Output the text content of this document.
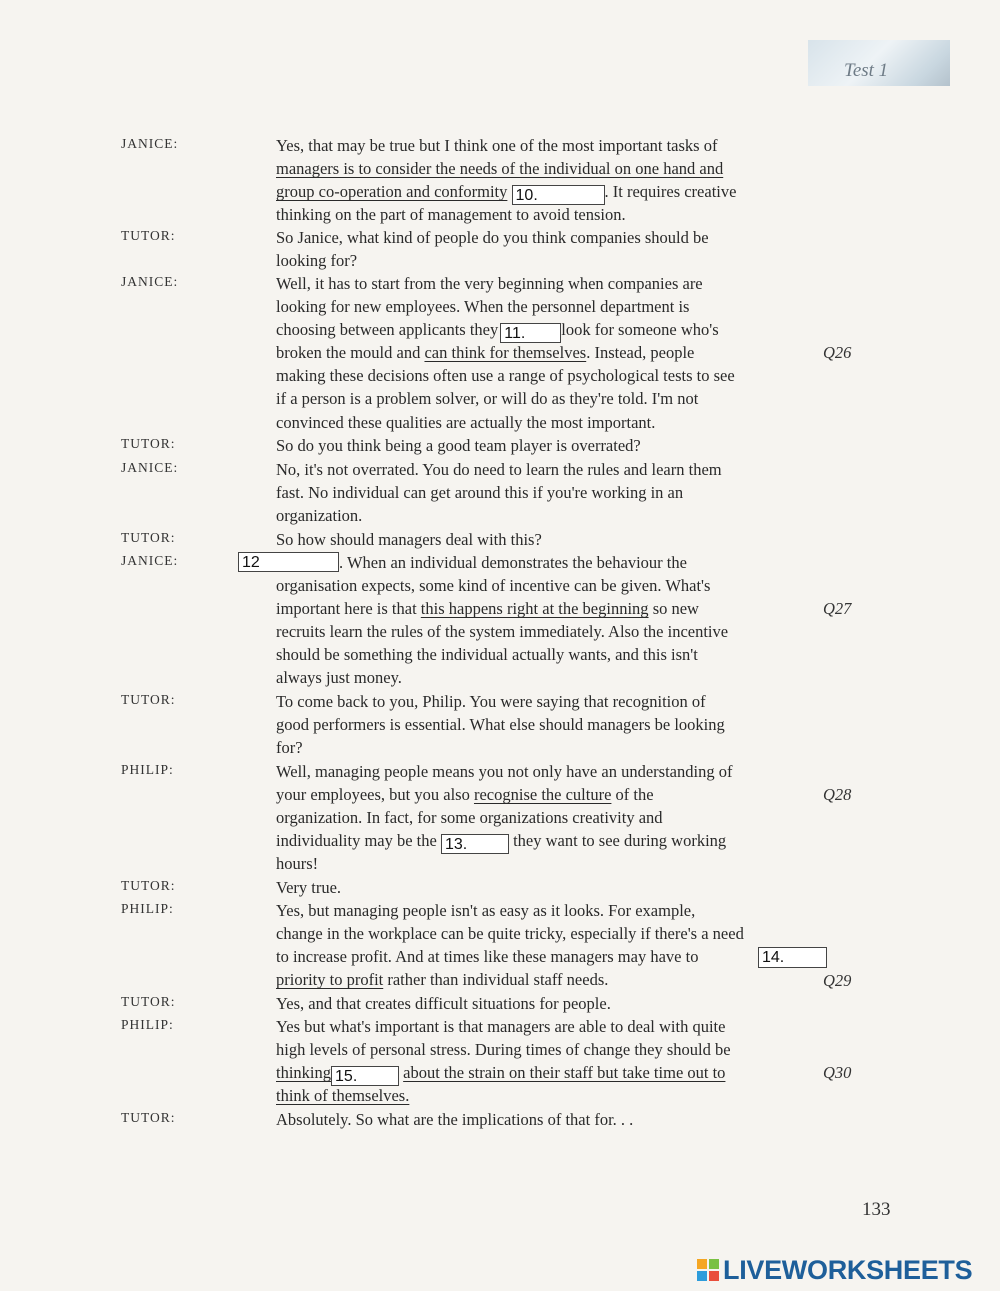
Test 1
JANICE:	Yes, that may be true but I think one of the most important tasks of
managers is to consider the needs of the individual on one hand and
group co-operation and conformity 10.	. It requires creative
thinking on the part of management to avoid tension.
TUTOR:	So Janice, what kind of people do you think companies should be
looking for?
JANICE:	Well, it has to start from the very beginning when companies are
looking for new employees. When the personnel department is
choosing between applicants they 11. look for someone who's
broken the mould and can think for themselves. Instead, people
making these decisions often use a range of psychological tests to see
if a person is a problem solver, or will do as they're told. I'm not
convinced these qualities are actually the most important.
Q26
TUTOR:	So do you think being a good team player is overrated?
JANICE:	No, it's not overrated. You do need to learn the rules and learn them
fast. No individual can get around this if you're working in an
organization.
TUTOR:	So how should managers deal with this?
JANICE:	12	. When an individual demonstrates the behaviour the
organisation expects, some kind of incentive can be given. What's
important here is that this happens right at the beginning so new
recruits learn the rules of the system immediately. Also the incentive
should be something the individual actually wants, and this isn't
always just money.
Q27
TUTOR:	To come back to you, Philip. You were saying that recognition of
good performers is essential. What else should managers be looking
for?
PHILIP:	Well, managing people means you not only have an understanding of
your employees, but you also recognise the culture of the
organization. In fact, for some organizations creativity and
individuality may be the 13.	they want to see during working
hours!
Q28
TUTOR:	Very true.
PHILIP:	Yes, but managing people isn't as easy as it looks. For example,
change in the workplace can be quite tricky, especially if there's a need
to increase profit. And at times like these managers may have to
priority to profit rather than individual staff needs.
14.
Q29
TUTOR:	Yes, and that creates difficult situations for people.
PHILIP:	Yes but what's important is that managers are able to deal with quite
high levels of personal stress. During times of change they should be
thinking 15.	about the strain on their staff but take time out to
think of themselves.
Q30
TUTOR:	Absolutely. So what are the implications of that for. . .
133
LIVEWORKSHEETS
